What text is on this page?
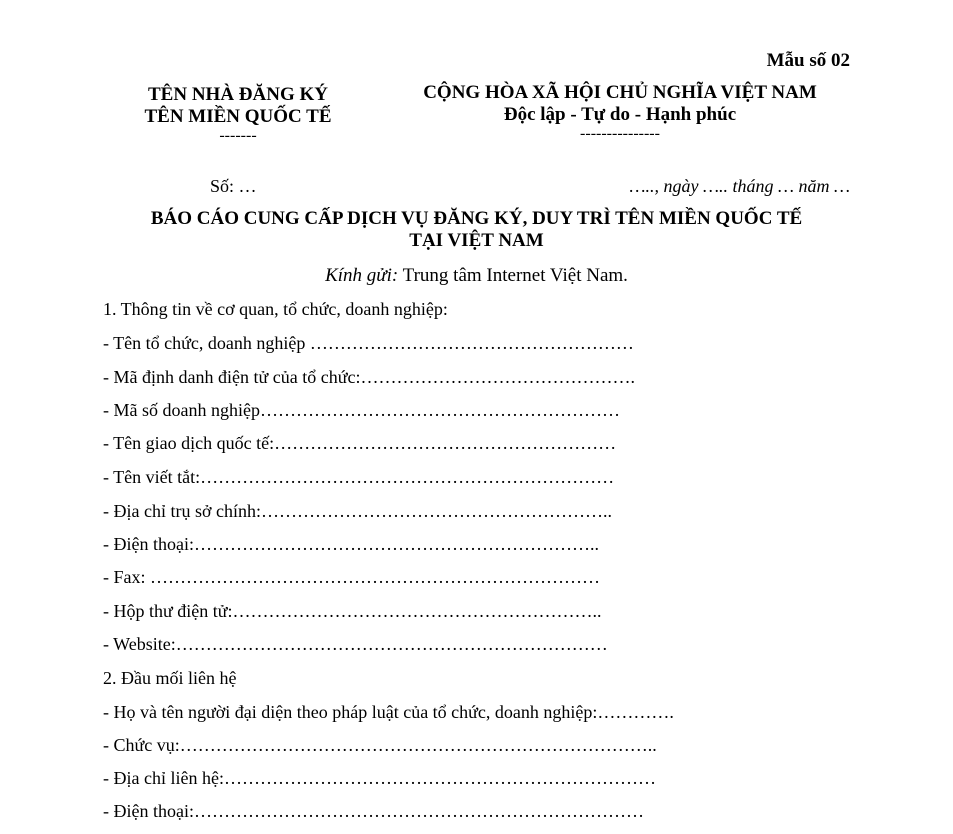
Mẫu số 02
TÊN NHÀ ĐĂNG KÝ
TÊN MIỀN QUỐC TẾ
-------
CỘNG HÒA XÃ HỘI CHỦ NGHĨA VIỆT NAM
Độc lập - Tự do - Hạnh phúc
---------------
Số: …	….., ngày ….. tháng … năm …
BÁO CÁO CUNG CẤP DỊCH VỤ ĐĂNG KÝ, DUY TRÌ TÊN MIỀN QUỐC TẾ
TẠI VIỆT NAM
Kính gửi: Trung tâm Internet Việt Nam.
1. Thông tin về cơ quan, tổ chức, doanh nghiệp:
- Tên tổ chức, doanh nghiệp ………………………………………………
- Mã định danh điện tử của tổ chức:……………………………………….
- Mã số doanh nghiệp……………………………………………………
- Tên giao dịch quốc tế:…………………………………………………
- Tên viết tắt:……………………………………………………………
- Địa chỉ trụ sở chính:…………………………………………………..
- Điện thoại:…………………………………………………………..
- Fax: …………………………………………………………………
- Hộp thư điện tử:……………………………………………………..
- Website:………………………………………………………………
2. Đầu mối liên hệ
- Họ và tên người đại diện theo pháp luật của tổ chức, doanh nghiệp:………….
- Chức vụ:……………………………………………………………………..
- Địa chỉ liên hệ:………………………………………………………………
- Điện thoại:…………………………………………………………………
